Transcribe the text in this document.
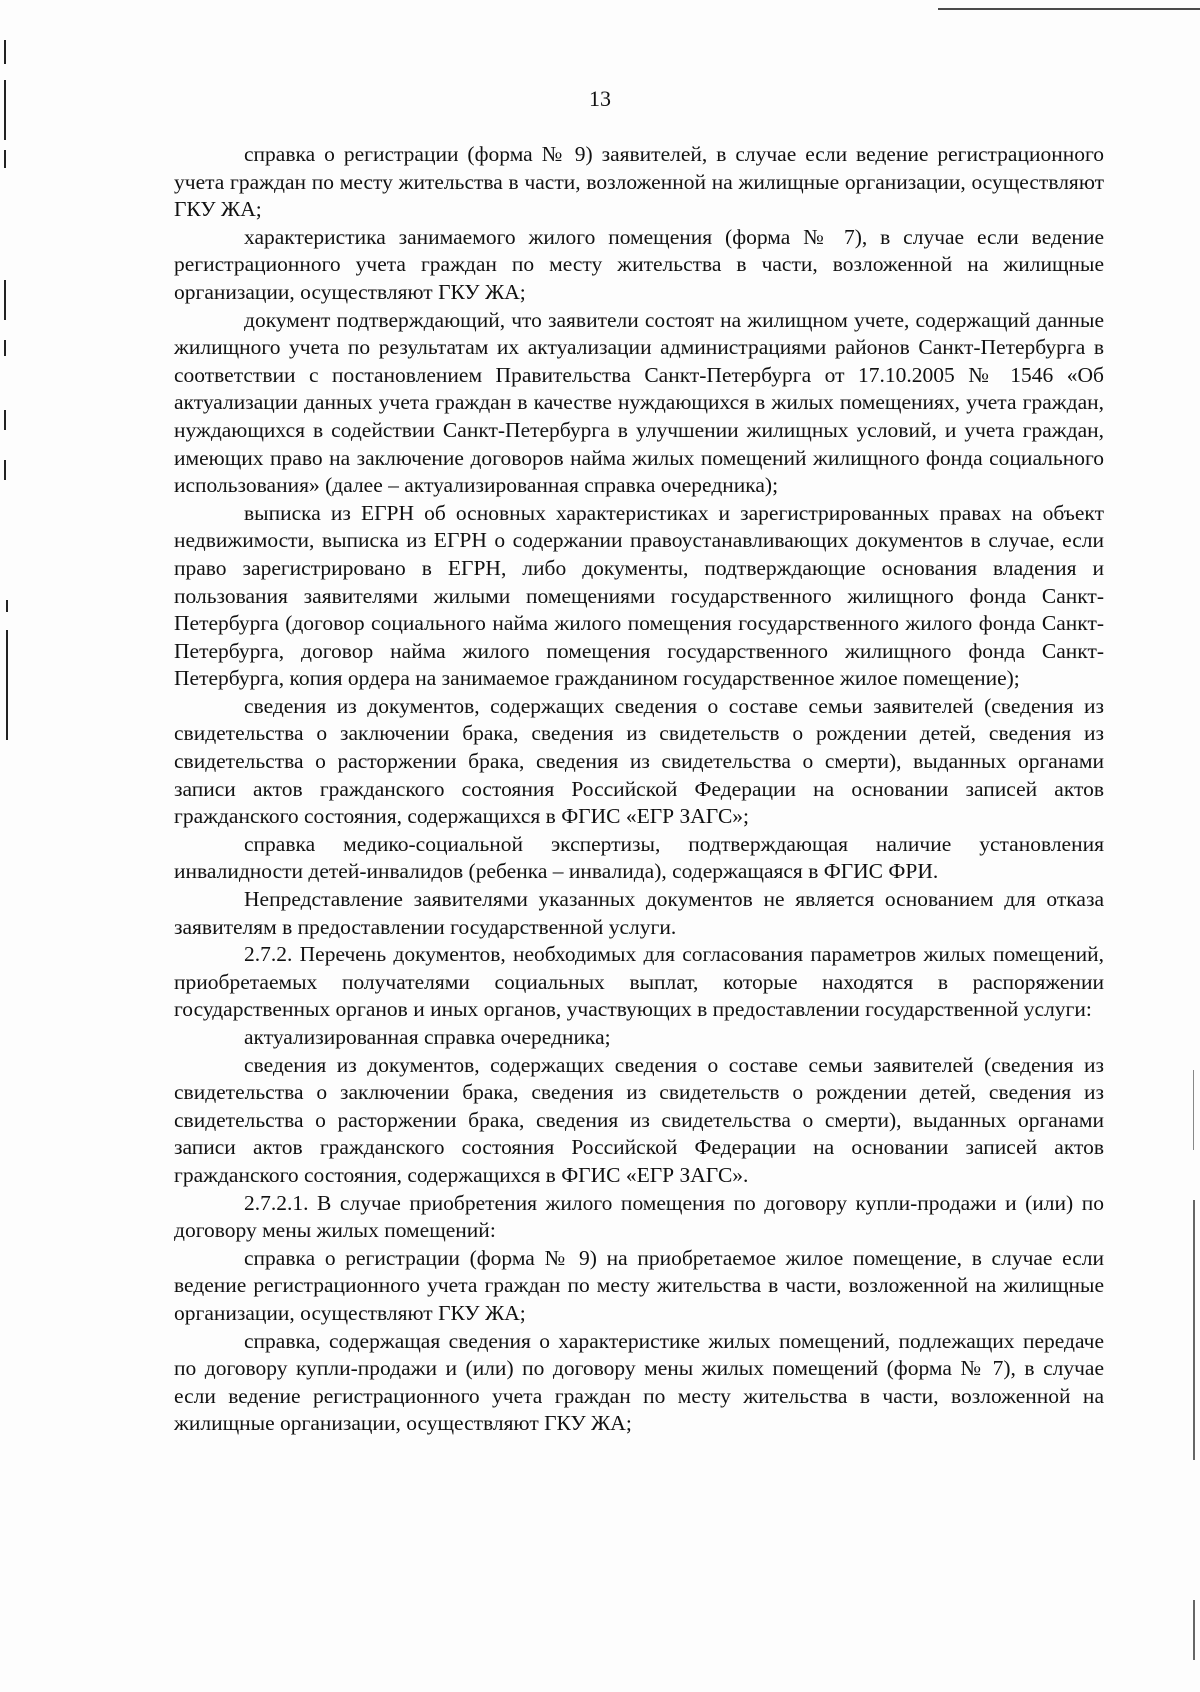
13

справка о регистрации (форма № 9) заявителей, в случае если ведение регистрационного учета граждан по месту жительства в части, возложенной на жилищные организации, осуществляют ГКУ ЖА;

характеристика занимаемого жилого помещения (форма № 7), в случае если ведение регистрационного учета граждан по месту жительства в части, возложенной на жилищные организации, осуществляют ГКУ ЖА;

документ подтверждающий, что заявители состоят на жилищном учете, содержащий данные жилищного учета по результатам их актуализации администрациями районов Санкт-Петербурга в соответствии с постановлением Правительства Санкт-Петербурга от 17.10.2005 № 1546 «Об актуализации данных учета граждан в качестве нуждающихся в жилых помещениях, учета граждан, нуждающихся в содействии Санкт-Петербурга в улучшении жилищных условий, и учета граждан, имеющих право на заключение договоров найма жилых помещений жилищного фонда социального использования» (далее – актуализированная справка очередника);

выписка из ЕГРН об основных характеристиках и зарегистрированных правах на объект недвижимости, выписка из ЕГРН о содержании правоустанавливающих документов в случае, если право зарегистрировано в ЕГРН, либо документы, подтверждающие основания владения и пользования заявителями жилыми помещениями государственного жилищного фонда Санкт-Петербурга (договор социального найма жилого помещения государственного жилого фонда Санкт-Петербурга, договор найма жилого помещения государственного жилищного фонда Санкт-Петербурга, копия ордера на занимаемое гражданином государственное жилое помещение);

сведения из документов, содержащих сведения о составе семьи заявителей (сведения из свидетельства о заключении брака, сведения из свидетельств о рождении детей, сведения из свидетельства о расторжении брака, сведения из свидетельства о смерти), выданных органами записи актов гражданского состояния Российской Федерации на основании записей актов гражданского состояния, содержащихся в ФГИС «ЕГР ЗАГС»;

справка медико-социальной экспертизы, подтверждающая наличие установления инвалидности детей-инвалидов (ребенка – инвалида), содержащаяся в ФГИС ФРИ.

Непредставление заявителями указанных документов не является основанием для отказа заявителям в предоставлении государственной услуги.

2.7.2. Перечень документов, необходимых для согласования параметров жилых помещений, приобретаемых получателями социальных выплат, которые находятся в распоряжении государственных органов и иных органов, участвующих в предоставлении государственной услуги:

актуализированная справка очередника;

сведения из документов, содержащих сведения о составе семьи заявителей (сведения из свидетельства о заключении брака, сведения из свидетельств о рождении детей, сведения из свидетельства о расторжении брака, сведения из свидетельства о смерти), выданных органами записи актов гражданского состояния Российской Федерации на основании записей актов гражданского состояния, содержащихся в ФГИС «ЕГР ЗАГС».

2.7.2.1. В случае приобретения жилого помещения по договору купли-продажи и (или) по договору мены жилых помещений:

справка о регистрации (форма № 9) на приобретаемое жилое помещение, в случае если ведение регистрационного учета граждан по месту жительства в части, возложенной на жилищные организации, осуществляют ГКУ ЖА;

справка, содержащая сведения о характеристике жилых помещений, подлежащих передаче по договору купли-продажи и (или) по договору мены жилых помещений (форма № 7), в случае если ведение регистрационного учета граждан по месту жительства в части, возложенной на жилищные организации, осуществляют ГКУ ЖА;
